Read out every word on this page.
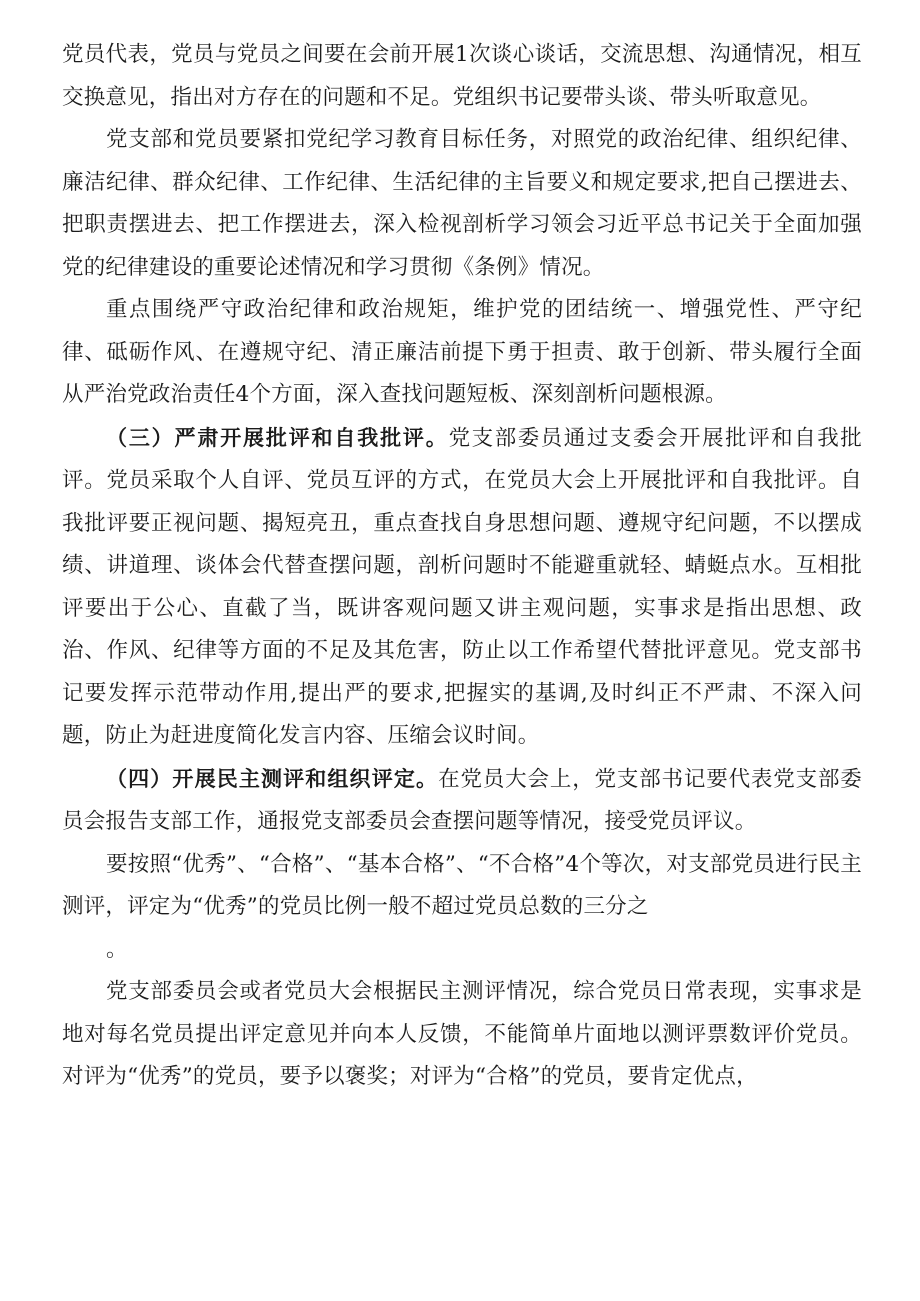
党员代表，党员与党员之间要在会前开展1次谈心谈话，交流思想、沟通情况，相互交换意见，指出对方存在的问题和不足。党组织书记要带头谈、带头听取意见。

党支部和党员要紧扣党纪学习教育目标任务，对照党的政治纪律、组织纪律、廉洁纪律、群众纪律、工作纪律、生活纪律的主旨要义和规定要求,把自己摆进去、把职责摆进去、把工作摆进去，深入检视剖析学习领会习近平总书记关于全面加强党的纪律建设的重要论述情况和学习贯彻《条例》情况。

重点围绕严守政治纪律和政治规矩，维护党的团结统一、增强党性、严守纪律、砥砺作风、在遵规守纪、清正廉洁前提下勇于担责、敢于创新、带头履行全面从严治党政治责任4个方面，深入查找问题短板、深刻剖析问题根源。

（三）严肃开展批评和自我批评。党支部委员通过支委会开展批评和自我批评。党员采取个人自评、党员互评的方式，在党员大会上开展批评和自我批评。自我批评要正视问题、揭短亮丑，重点查找自身思想问题、遵规守纪问题，不以摆成绩、讲道理、谈体会代替查摆问题，剖析问题时不能避重就轻、蜻蜓点水。互相批评要出于公心、直截了当，既讲客观问题又讲主观问题，实事求是指出思想、政治、作风、纪律等方面的不足及其危害，防止以工作希望代替批评意见。党支部书记要发挥示范带动作用,提出严的要求,把握实的基调,及时纠正不严肃、不深入问题，防止为赶进度简化发言内容、压缩会议时间。

（四）开展民主测评和组织评定。在党员大会上，党支部书记要代表党支部委员会报告支部工作，通报党支部委员会查摆问题等情况，接受党员评议。

要按照“优秀”、“合格”、“基本合格”、“不合格”4个等次，对支部党员进行民主测评，评定为“优秀”的党员比例一般不超过党员总数的三分之

。

党支部委员会或者党员大会根据民主测评情况，综合党员日常表现，实事求是地对每名党员提出评定意见并向本人反馈，不能简单片面地以测评票数评价党员。对评为“优秀”的党员，要予以褒奖；对评为“合格”的党员，要肯定优点，
